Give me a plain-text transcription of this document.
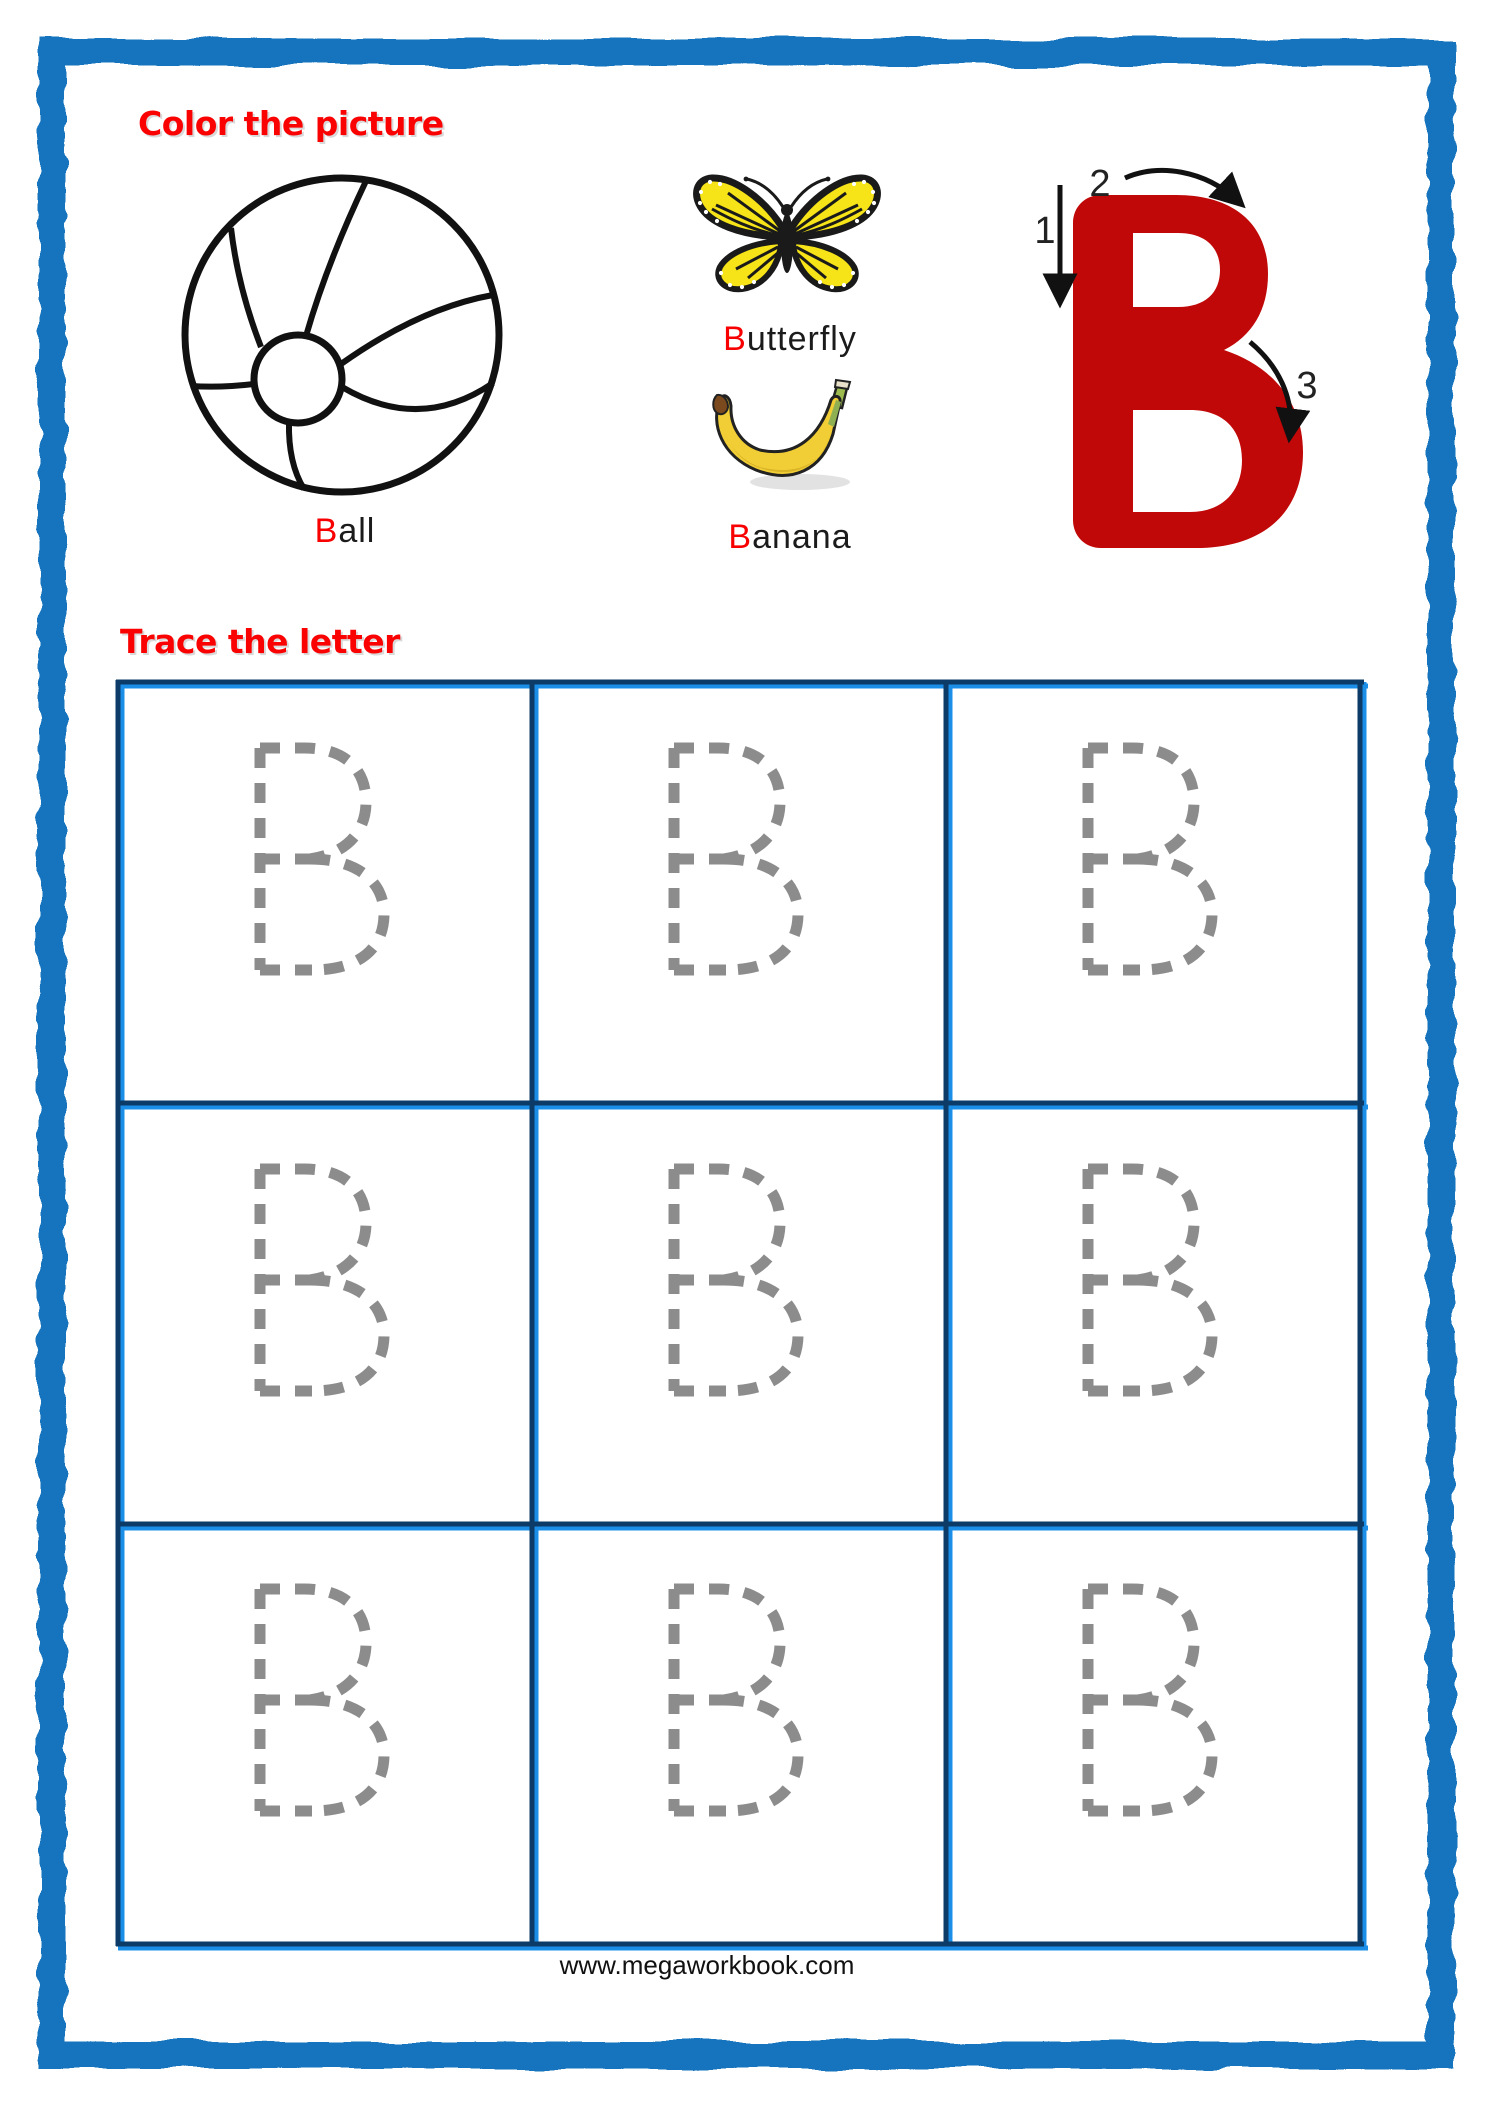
Color the picture
Ball
Butterfly
Banana
1
2
3
Trace the letter
www.megaworkbook.com
